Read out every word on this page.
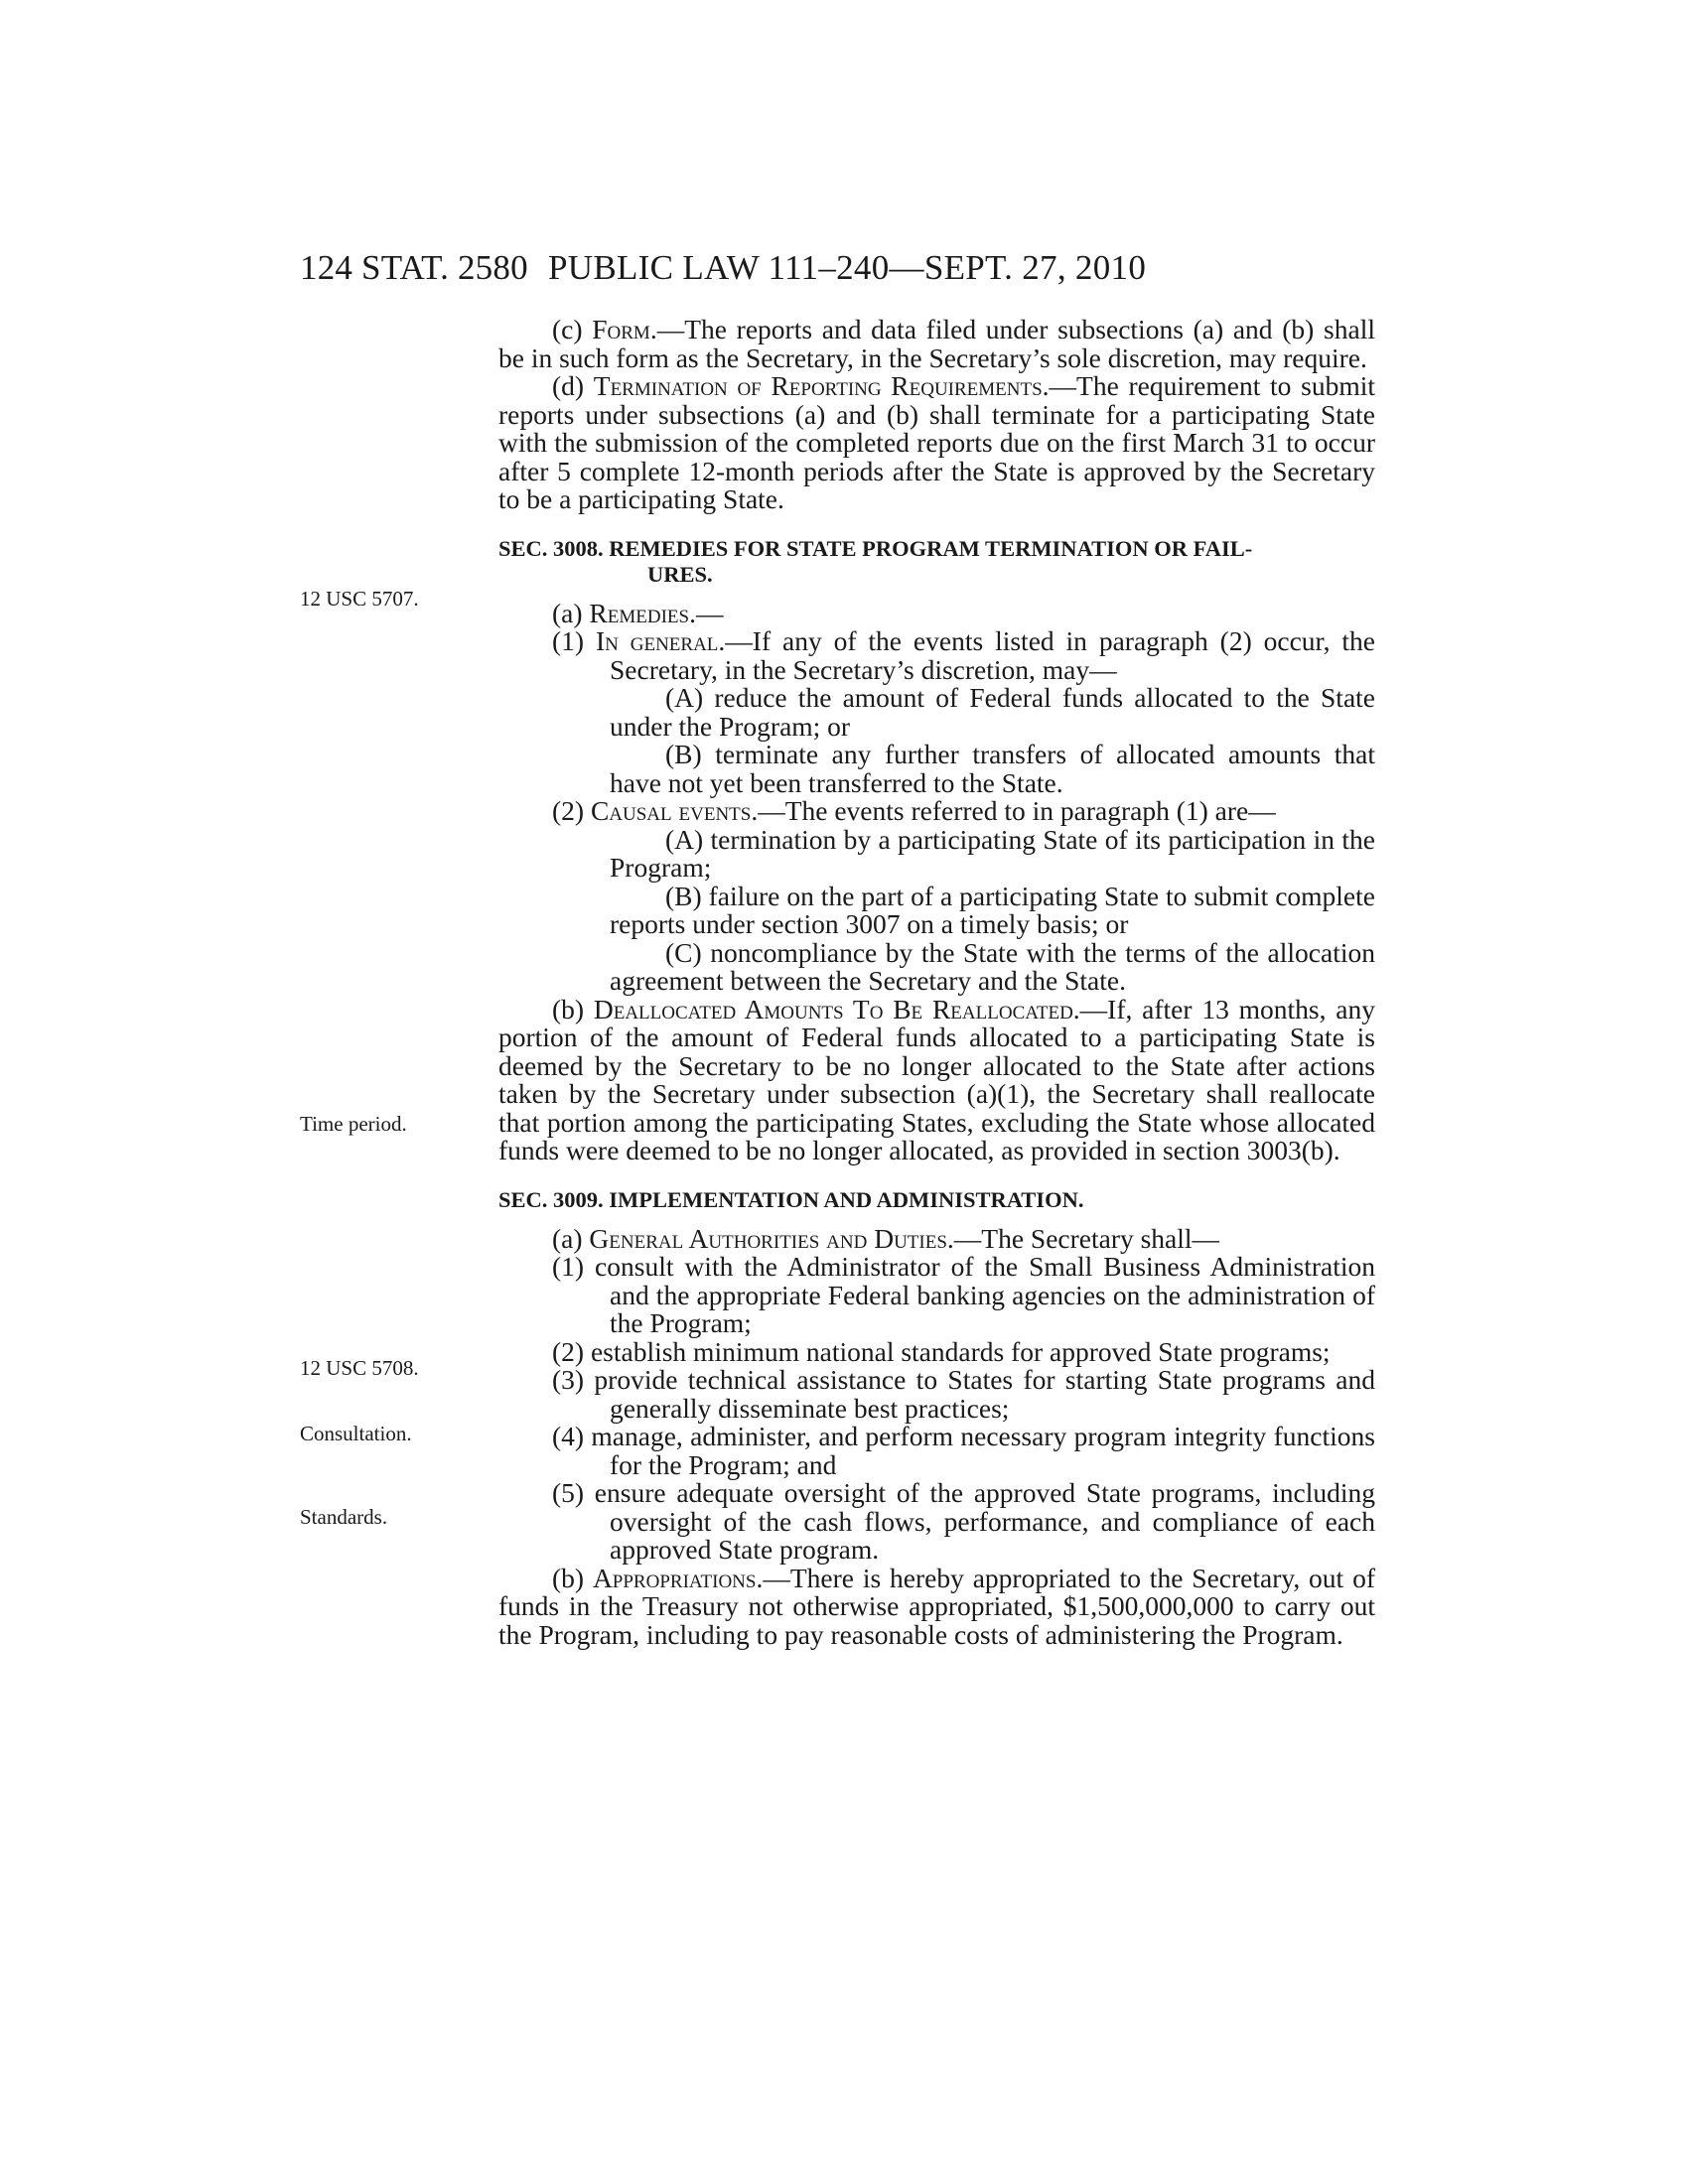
124 STAT. 2580 PUBLIC LAW 111–240—SEPT. 27, 2010
12 USC 5707.
Time period.
12 USC 5708.
Consultation.
Standards.

(c) Form.—The reports and data filed under subsections (a) and (b) shall be in such form as the Secretary, in the Secretary’s sole discretion, may require.

(d) Termination of Reporting Requirements.—The requirement to submit reports under subsections (a) and (b) shall terminate for a participating State with the submission of the completed reports due on the first March 31 to occur after 5 complete 12-month periods after the State is approved by the Secretary to be a participating State.

SEC. 3008. REMEDIES FOR STATE PROGRAM TERMINATION OR FAIL-
URES.

(a) Remedies.—

(1) In general.—If any of the events listed in paragraph (2) occur, the Secretary, in the Secretary’s discretion, may—

(A) reduce the amount of Federal funds allocated to the State under the Program; or

(B) terminate any further transfers of allocated amounts that have not yet been transferred to the State.

(2) Causal events.—The events referred to in paragraph (1) are—

(A) termination by a participating State of its participation in the Program;

(B) failure on the part of a participating State to submit complete reports under section 3007 on a timely basis; or

(C) noncompliance by the State with the terms of the allocation agreement between the Secretary and the State.

(b) Deallocated Amounts To Be Reallocated.—If, after 13 months, any portion of the amount of Federal funds allocated to a participating State is deemed by the Secretary to be no longer allocated to the State after actions taken by the Secretary under subsection (a)(1), the Secretary shall reallocate that portion among the participating States, excluding the State whose allocated funds were deemed to be no longer allocated, as provided in section 3003(b).

SEC. 3009. IMPLEMENTATION AND ADMINISTRATION.

(a) General Authorities and Duties.—The Secretary shall—

(1) consult with the Administrator of the Small Business Administration and the appropriate Federal banking agencies on the administration of the Program;

(2) establish minimum national standards for approved State programs;

(3) provide technical assistance to States for starting State programs and generally disseminate best practices;

(4) manage, administer, and perform necessary program integrity functions for the Program; and

(5) ensure adequate oversight of the approved State programs, including oversight of the cash flows, performance, and compliance of each approved State program.

(b) Appropriations.—There is hereby appropriated to the Secretary, out of funds in the Treasury not otherwise appropriated, $1,500,000,000 to carry out the Program, including to pay reasonable costs of administering the Program.
